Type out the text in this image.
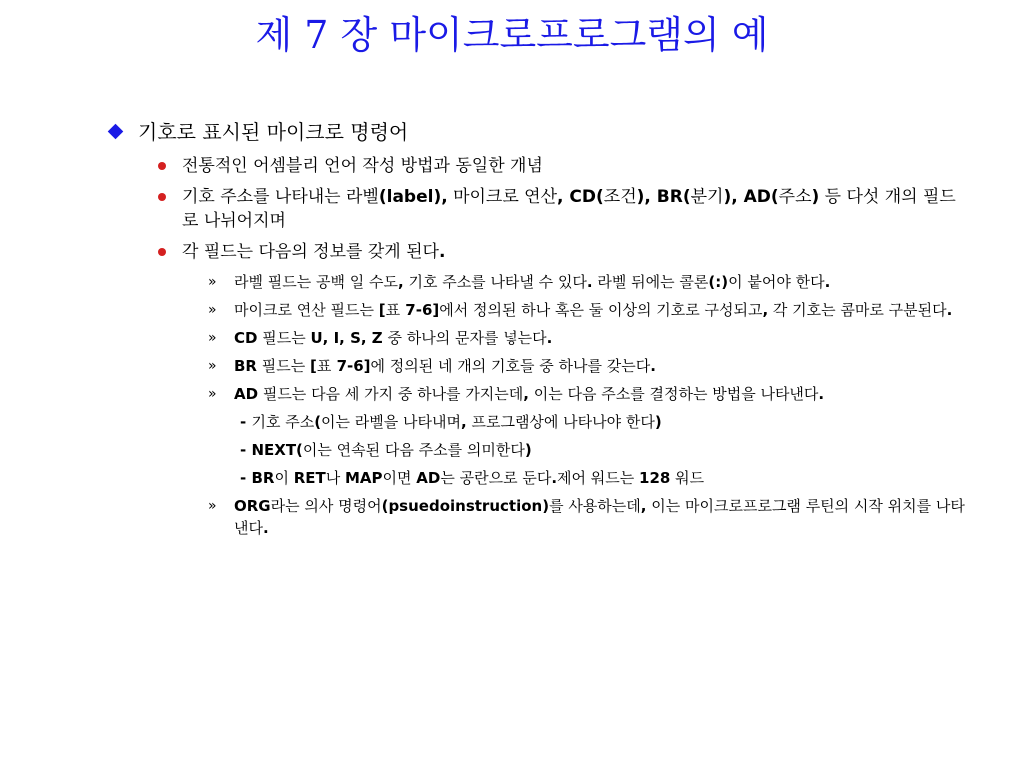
제 7 장 마이크로프로그램의 예
기호로 표시된 마이크로 명령어
전통적인 어셈블리 언어 작성 방법과 동일한 개념
기호 주소를 나타내는 라벨(label), 마이크로 연산, CD(조건), BR(분기), AD(주소) 등 다섯 개의 필드로 나뉘어지며
각 필드는 다음의 정보를 갖게 된다.
» 라벨 필드는 공백 일 수도, 기호 주소를 나타낼 수 있다. 라벨 뒤에는 콜론(:)이 붙어야 한다.
» 마이크로 연산 필드는 [표 7-6]에서 정의된 하나 혹은 둘 이상의 기호로 구성되고, 각 기호는 콤마로 구분된다.
» CD 필드는 U, I, S, Z 중 하나의 문자를 넣는다.
» BR 필드는 [표 7-6]에 정의된 네 개의 기호들 중 하나를 갖는다.
» AD 필드는 다음 세 가지 중 하나를 가지는데, 이는 다음 주소를 결정하는 방법을 나타낸다.
- 기호 주소(이는 라벨을 나타내며, 프로그램상에 나타나야 한다)
- NEXT(이는 연속된 다음 주소를 의미한다)
- BR이 RET나 MAP이면 AD는 공란으로 둔다.제어 워드는 128 워드
» ORG라는 의사 명령어(psuedoinstruction)를 사용하는데, 이는 마이크로프로그램 루틴의 시작 위치를 나타낸다.
